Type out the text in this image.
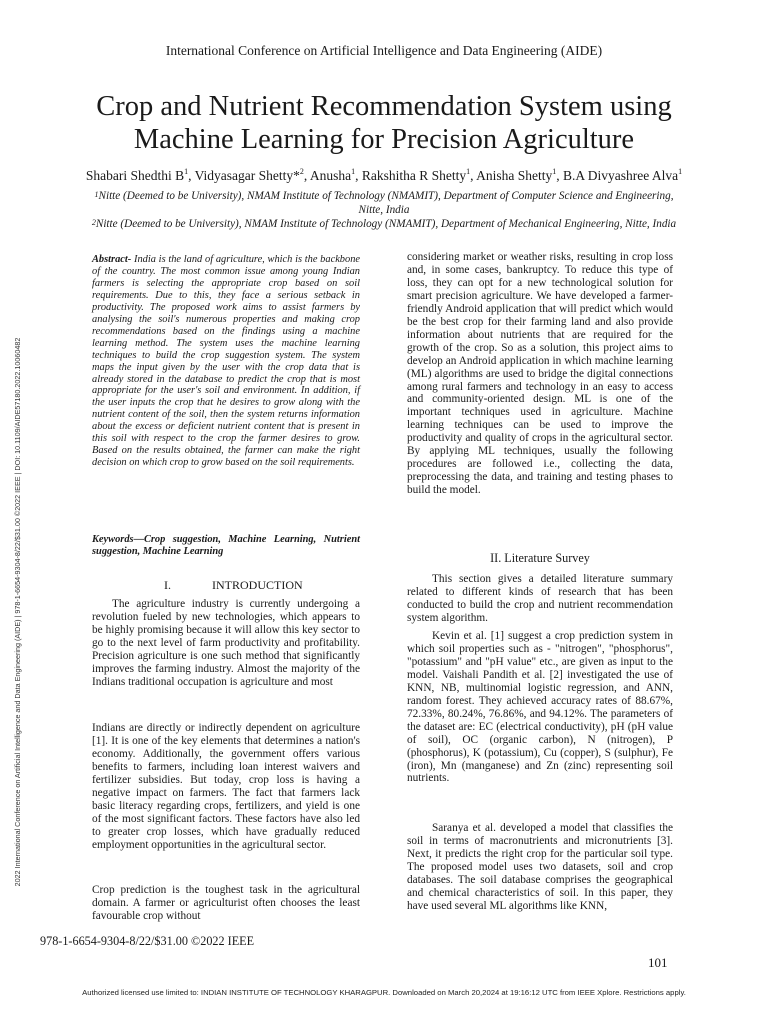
International Conference on Artificial Intelligence and Data Engineering (AIDE)
Crop and Nutrient Recommendation System using
Machine Learning for Precision Agriculture
Shabari Shedthi $B^1$, Vidyasagar Shetty*$^2$, Anusha$^1$, Rakshitha R Shetty$^1$, Anisha Shetty$^1$, B.A Divyashree Alva$^1$
$^1$Nitte (Deemed to be University), NMAM Institute of Technology (NMAMIT), Department of Computer Science and Engineering,
Nitte, India
$^2$Nitte (Deemed to be University), NMAM Institute of Technology (NMAMIT), Department of Mechanical Engineering, Nitte, India
2022 International Conference on Artificial Intelligence and Data Engineering (AIDE) | 978-1-6654-9304-8/22/$31.00 ©2022 IEEE | DOI: 10.1109/AIDE57180.2022.10060482
Abstract- India is the land of agriculture, which is the backbone of the country. The most common issue among young Indian farmers is selecting the appropriate crop based on soil requirements. Due to this, they face a serious setback in productivity. The proposed work aims to assist farmers by analysing the soil's numerous properties and making crop recommendations based on the findings using a machine learning method. The system uses the machine learning techniques to build the crop suggestion system. The system maps the input given by the user with the crop data that is already stored in the database to predict the crop that is most appropriate for the user's soil and environment. In addition, if the user inputs the crop that he desires to grow along with the nutrient content of the soil, then the system returns information about the excess or deficient nutrient content that is present in this soil with respect to the crop the farmer desires to grow. Based on the results obtained, the farmer can make the right decision on which crop to grow based on the soil requirements.
Keywords—Crop suggestion, Machine Learning, Nutrient suggestion, Machine Learning
I.	INTRODUCTION
The agriculture industry is currently undergoing a revolution fueled by new technologies, which appears to be highly promising because it will allow this key sector to go to the next level of farm productivity and profitability. Precision agriculture is one such method that significantly improves the farming industry. Almost the majority of the Indians traditional occupation is agriculture and most
Indians are directly or indirectly dependent on agriculture [1]. It is one of the key elements that determines a nation's economy. Additionally, the government offers various benefits to farmers, including loan interest waivers and fertilizer subsidies. But today, crop loss is having a negative impact on farmers. The fact that farmers lack basic literacy regarding crops, fertilizers, and yield is one of the most significant factors. These factors have also led to greater crop losses, which have gradually reduced employment opportunities in the agricultural sector.
Crop prediction is the toughest task in the agricultural domain. A farmer or agriculturist often chooses the least favourable crop without
considering market or weather risks, resulting in crop loss and, in some cases, bankruptcy. To reduce this type of loss, they can opt for a new technological solution for smart precision agriculture. We have developed a farmer-friendly Android application that will predict which would be the best crop for their farming land and also provide information about nutrients that are required for the growth of the crop. So as a solution, this project aims to develop an Android application in which machine learning (ML) algorithms are used to bridge the digital connections among rural farmers and technology in an easy to access and community-oriented design. ML is one of the important techniques used in agriculture. Machine learning techniques can be used to improve the productivity and quality of crops in the agricultural sector. By applying ML techniques, usually the following procedures are followed i.e., collecting the data, preprocessing the data, and training and testing phases to build the model.
II. Literature Survey
This section gives a detailed literature summary related to different kinds of research that has been conducted to build the crop and nutrient recommendation system algorithm.
Kevin et al. [1] suggest a crop prediction system in which soil properties such as - "nitrogen", "phosphorus", "potassium" and "pH value" etc., are given as input to the model. Vaishali Pandith et al. [2] investigated the use of KNN, NB, multinomial logistic regression, and ANN, random forest. They achieved accuracy rates of 88.67%, 72.33%, 80.24%, 76.86%, and 94.12%. The parameters of the dataset are: EC (electrical conductivity), pH (pH value of soil), OC (organic carbon), N (nitrogen), P (phosphorus), K (potassium), Cu (copper), S (sulphur), Fe (iron), Mn (manganese) and Zn (zinc) representing soil nutrients.
Saranya et al. developed a model that classifies the soil in terms of macronutrients and micronutrients [3]. Next, it predicts the right crop for the particular soil type. The proposed model uses two datasets, soil and crop databases. The soil database comprises the geographical and chemical characteristics of soil. In this paper, they have used several ML algorithms like KNN,
978-1-6654-9304-8/22/$31.00 ©2022 IEEE
101
Authorized licensed use limited to: INDIAN INSTITUTE OF TECHNOLOGY KHARAGPUR. Downloaded on March 20,2024 at 19:16:12 UTC from IEEE Xplore. Restrictions apply.
